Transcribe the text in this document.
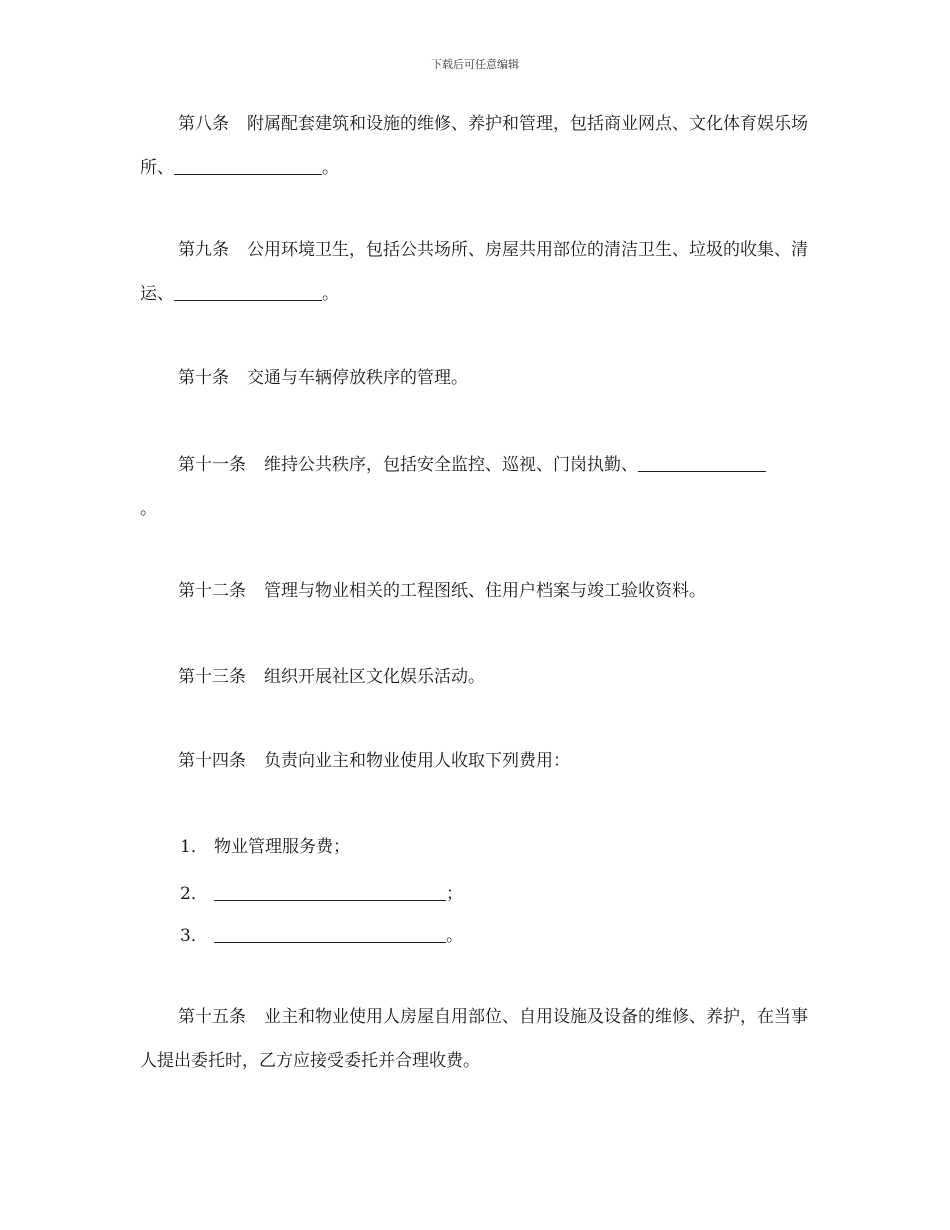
下载后可任意编辑

第八条 附属配套建筑和设施的维修、养护和管理，包括商业网点、文化体育娱乐场所、	。

第九条 公用环境卫生，包括公共场所、房屋共用部位的清洁卫生、垃圾的收集、清运、	。

第十条 交通与车辆停放秩序的管理。

第十一条 维持公共秩序，包括安全监控、巡视、门岗执勤、
。

第十二条 管理与物业相关的工程图纸、住用户档案与竣工验收资料。

第十三条 组织开展社区文化娱乐活动。

第十四条 负责向业主和物业使用人收取下列费用：

1． 物业管理服务费；
2．	；
3．	。

第十五条 业主和物业使用人房屋自用部位、自用设施及设备的维修、养护，在当事人提出委托时，乙方应接受委托并合理收费。
